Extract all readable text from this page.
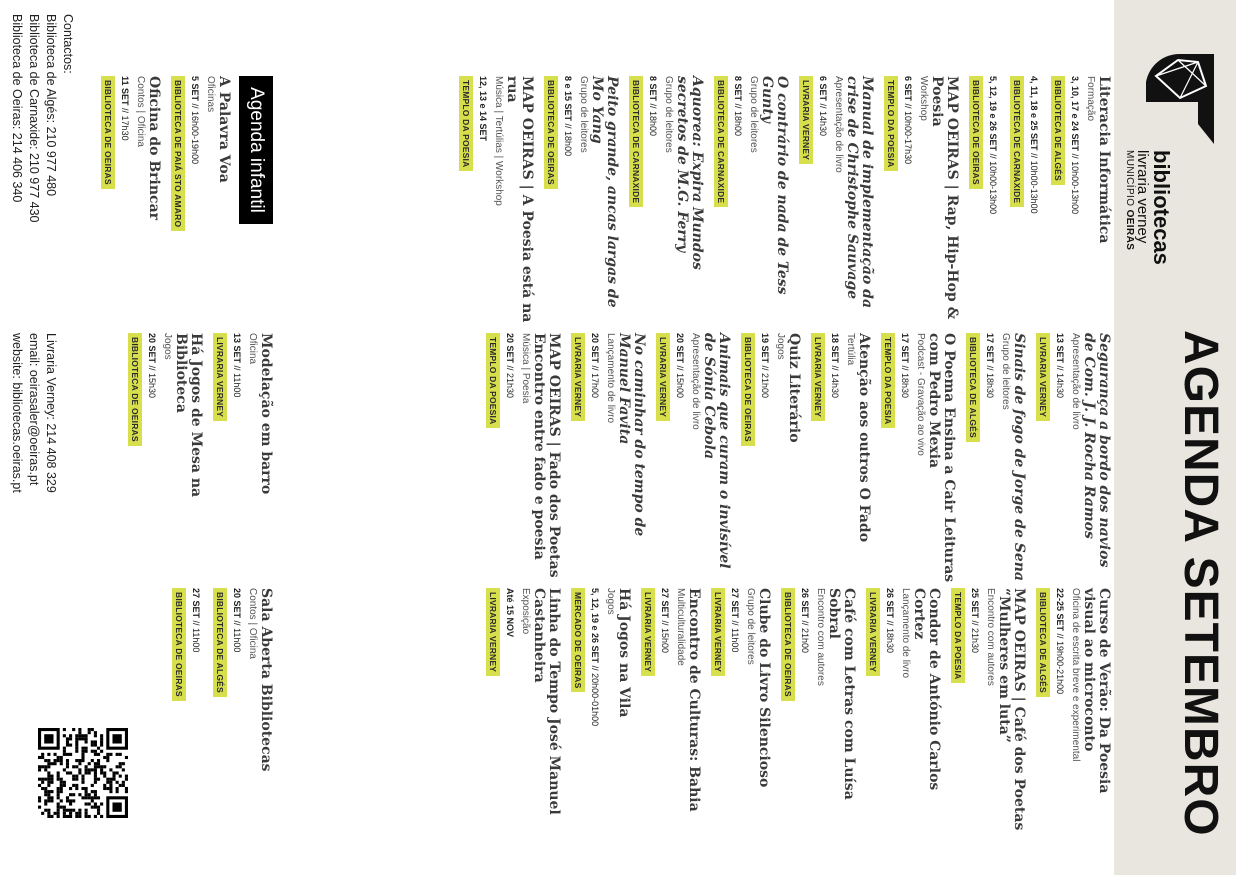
bibliotecas
livraria verney
MUNICÍPIO OEIRAS
AGENDA SETEMBRO
Literacia Informática
Formação
3, 10, 17 e 24 SET // 10h00-13h00
BIBLIOTECA DE ALGÉS
4, 11, 18 e 25 SET // 10h00-13h00
BIBLIOTECA DE CARNAXIDE
5, 12, 19 e 26 SET // 10h00-13h00
BIBLIOTECA DE OEIRAS
MAP OEIRAS | Rap, Hip-Hop & Poesia
Workshop
6 SET // 10h00-17h30
TEMPLO DA POESIA
Manual de implementação da crise de Christophe Sauvage
Apresentação de livro
6 SET // 14h30
LIVRARIA VERNEY
O contrário de nada de Tess Gunty
Grupo de leitores
8 SET // 18h00
BIBLIOTECA DE CARNAXIDE
Aquorea: Expira Mundos secretos de M.G. Ferry
Grupo de leitores
8 SET // 18h00
BIBLIOTECA DE CARNAXIDE
Peito grande, ancas largas de Mo Yang
Grupo de leitores
8 e 15 SET // 18h00
BIBLIOTECA DE OEIRAS
MAP OEIRAS | A Poesia está na rua
Música | Tertúlias | Workshop
12, 13 e 14 SET
TEMPLO DA POESIA
Segurança a bordo dos navios de Com. J. J. Rocha Ramos
Apresentação de livro
13 SET // 14h30
LIVRARIA VERNEY
Sinais de fogo de Jorge de Sena
Grupo de leitores
17 SET // 18h30
BIBLIOTECA DE ALGÉS
O Poema Ensina a Cair Leituras com Pedro Mexia
Podcast - Gravação ao vivo
17 SET // 18h30
TEMPLO DA POESIA
Atenção aos outros O Fado
Tertúlia
18 SET // 14h30
LIVRARIA VERNEY
Quiz Literário
Jogos
19 SET // 21h00
BIBLIOTECA DE OEIRAS
Animais que curam o invisível de Sónia Cebola
Apresentação de livro
20 SET // 15h00
LIVRARIA VERNEY
No caminhar do tempo de Manuel Favita
Lançamento de livro
20 SET // 17h00
LIVRARIA VERNEY
MAP OEIRAS | Fado dos Poetas Encontro entre fado e poesia
Música | Poesia
20 SET // 21h30
TEMPLO DA POESIA
Curso de Verão: Da Poesia visual ao microconto
Oficina de escrita breve e experimental
22-25 SET // 19h00-21h00
BIBLIOTECA DE ALGÉS
MAP OEIRAS | Café dos Poetas “Mulheres em luta”
Encontro com autores
25 SET // 21h30
TEMPLO DA POESIA
Condor de António Carlos Cortez
Lançamento de livro
26 SET // 18h30
LIVRARIA VERNEY
Café com Letras com Luísa Sobral
Encontro com autores
26 SET // 21h00
BIBLIOTECA DE OEIRAS
Clube do Livro Silencioso
Grupo de leitores
27 SET // 11h00
LIVRARIA VERNEY
Encontro de Culturas: Bahia
Multiculturalidade
27 SET // 15h00
LIVRARIA VERNEY
Há Jogos na Vila
Jogos
5, 12, 19 e 26 SET // 20h00-01h00
MERCADO DE OEIRAS
Linha do Tempo José Manuel Castanheira
Exposição
Até 15 NOV
LIVRARIA VERNEY
Agenda infantil
A Palavra Voa
Oficinas
5 SET // 16h00-19h00
BIBLIOTECA DE PAIÁ STO AMARO
Oficina do Brincar
Contos | Oficina
11 SET // 17h30
BIBLIOTECA DE OEIRAS
Modelação em barro
Oficina
13 SET // 11h00
LIVRARIA VERNEY
Há Jogos de Mesa na Biblioteca
Jogos
20 SET // 15h30
BIBLIOTECA DE OEIRAS
Sala Aberta Bibliotecas
Contos | Oficina
20 SET // 11h00
BIBLIOTECA DE ALGÉS
27 SET // 11h00
BIBLIOTECA DE OEIRAS
Contactos:
Biblioteca de Algés: 210 977 480
Biblioteca de Carnaxide: 210 977 430
Biblioteca de Oeiras: 214 406 340
Livraria Verney: 214 408 329
email: oeirasaler@oeiras.pt
website: bibliotecas.oeiras.pt
